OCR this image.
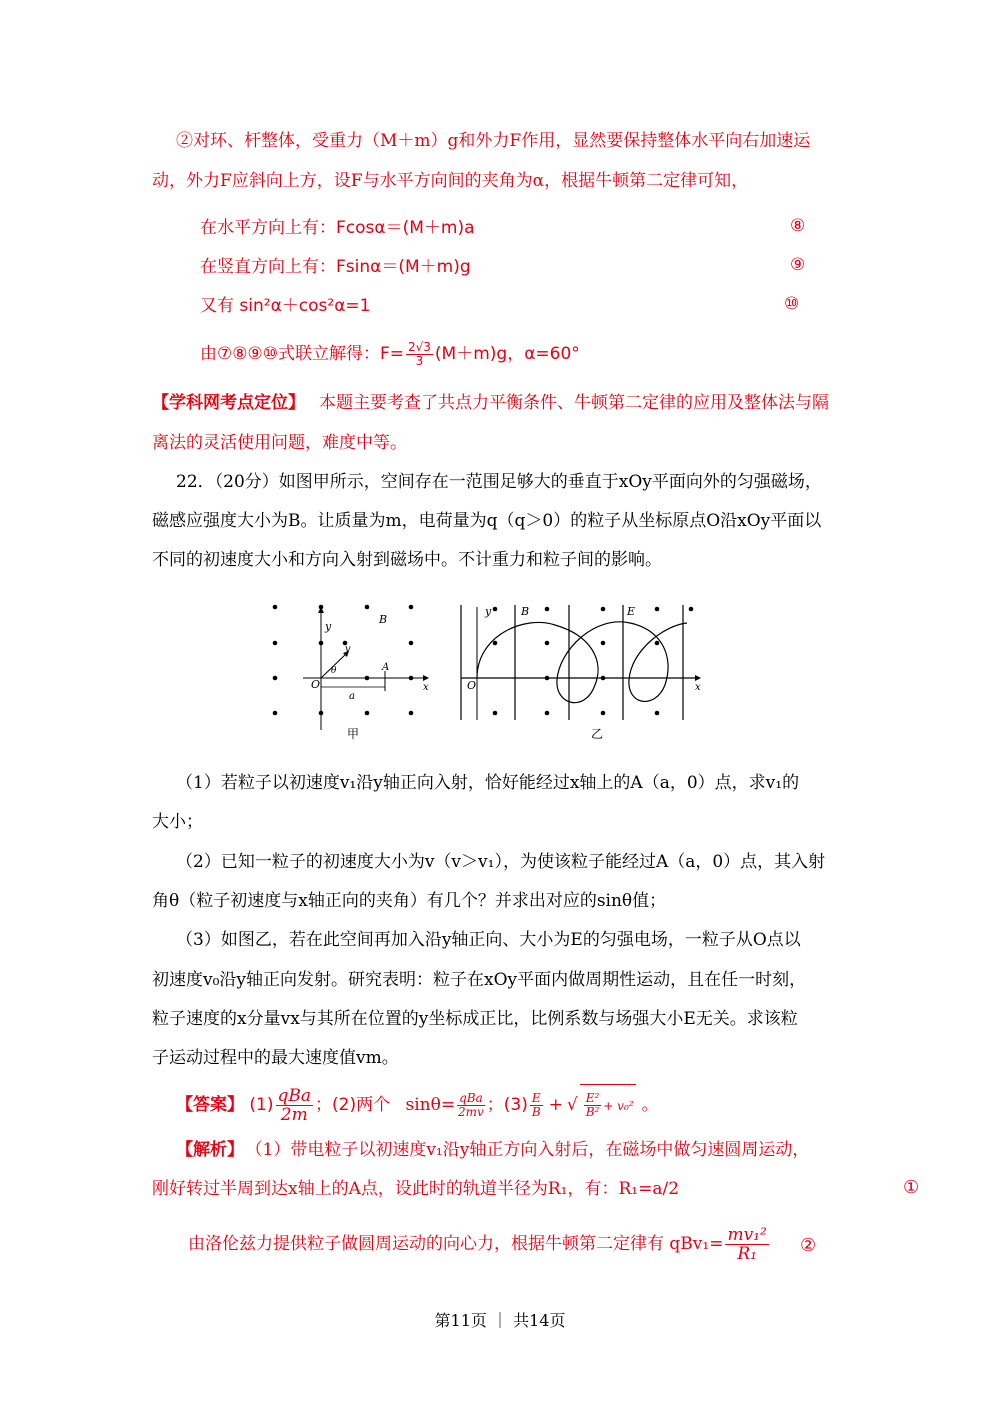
②对环、杆整体，受重力（M＋m）g和外力F作用，显然要保持整体水平向右加速运
动，外力F应斜向上方，设F与水平方向间的夹角为α，根据牛顿第二定律可知，
在水平方向上有：Fcosα＝(M＋m)a	⑧
在竖直方向上有：Fsinα＝(M＋m)g	⑨
又有 sin²α＋cos²α=1	⑩
由⑦⑧⑨⑩式联立解得：$F= \frac{2√3}{3} (M+m)g$，α=60°
【学科网考点定位】 本题主要考查了共点力平衡条件、牛顿第二定律的应用及整体法与隔
离法的灵活使用问题，难度中等。
22．（20分）如图甲所示，空间存在一范围足够大的垂直于xOy平面向外的匀强磁场，
磁感应强度大小为B。让质量为m，电荷量为q（q＞0）的粒子从坐标原点O沿xOy平面以
不同的初速度大小和方向入射到磁场中。不计重力和粒子间的影响。
y
B
v
θ
O
A
a
x
甲
y	B	E
O	x
乙
（1）若粒子以初速度v₁沿y轴正向入射，恰好能经过x轴上的A（a，0）点，求v₁的
大小；
（2）已知一粒子的初速度大小为v（v＞v₁），为使该粒子能经过A（a，0）点，其入射
角θ（粒子初速度与x轴正向的夹角）有几个？并求出对应的sinθ值；
（3）如图乙，若在此空间再加入沿y轴正向、大小为E的匀强电场，一粒子从O点以
初速度v₀沿y轴正向发射。研究表明：粒子在xOy平面内做周期性运动，且在任一时刻，
粒子速度的x分量vx与其所在位置的y坐标成正比，比例系数与场强大小E无关。求该粒
子运动过程中的最大速度值vm。
【答案】 $(1) \frac{\text{qBa}}{2m}$ ；(2)两个 $\sin\theta= \frac{\text{qBa}}{2mv}$ ；$(3) \frac{E}{B}$ + √ $\frac{\text{E²}}{\text{B²}} + v_0^2$ 。
【解析】 （1）带电粒子以初速度v₁沿y轴正方向入射后，在磁场中做匀速圆周运动，
刚好转过半周到达x轴上的A点，设此时的轨道半径为R₁，有：R₁=a/2	①
由洛伦兹力提供粒子做圆周运动的向心力，根据牛顿第二定律有 $qBv_1= \frac{\text{mv₁²}}{\text{R₁}}$ ②
第11页 ｜ 共14页
